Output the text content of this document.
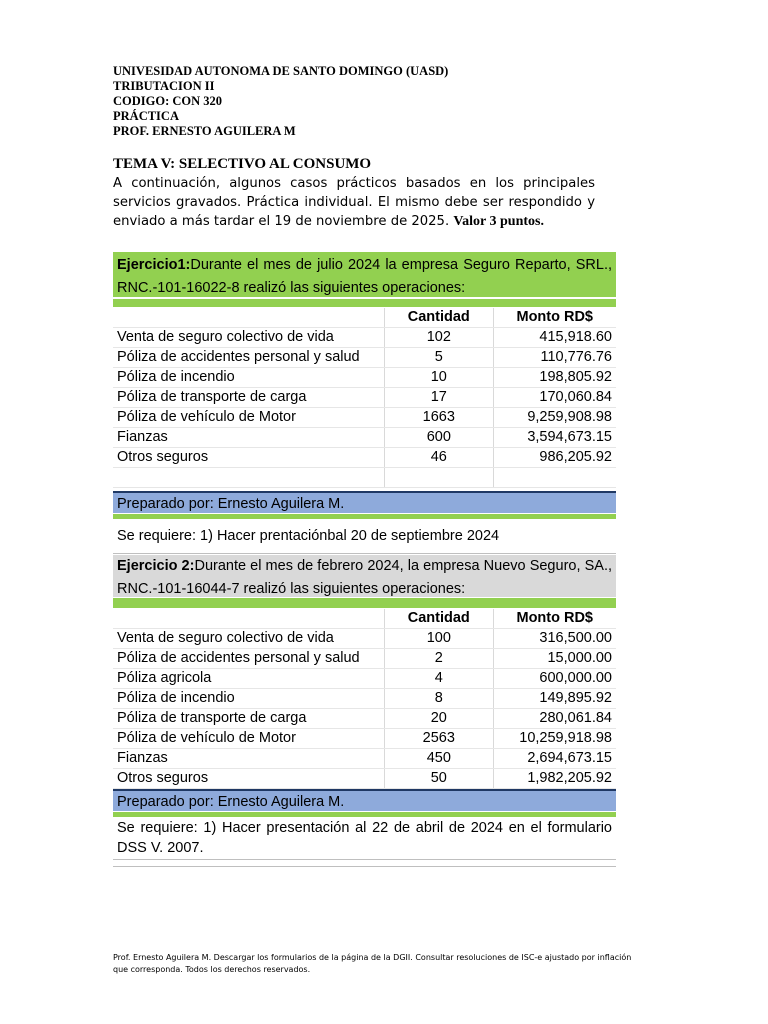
UNIVESIDAD AUTONOMA DE SANTO DOMINGO (UASD)
TRIBUTACION II
CODIGO: CON 320
PRÁCTICA
PROF. ERNESTO AGUILERA M
TEMA V: SELECTIVO AL CONSUMO
A continuación, algunos casos prácticos basados en los principales servicios gravados. Práctica individual. El mismo debe ser respondido y enviado a más tardar el 19 de noviembre de 2025. Valor 3 puntos.
Ejercicio1:Durante el mes de julio 2024 la empresa Seguro Reparto, SRL., RNC.-101-16022-8 realizó las siguientes operaciones:
	Cantidad	Monto RD$
Venta de seguro colectivo de vida	102	415,918.60
Póliza de accidentes personal y salud	5	110,776.76
Póliza de incendio	10	198,805.92
Póliza de transporte de carga	17	170,060.84
Póliza de vehículo de Motor	1663	9,259,908.98
Fianzas	600	3,594,673.15
Otros seguros	46	986,205.92

Preparado por: Ernesto Aguilera M.
Se requiere: 1) Hacer prentaciónbal 20 de septiembre 2024
Ejercicio 2:Durante el mes de febrero 2024, la empresa Nuevo Seguro, SA., RNC.-101-16044-7 realizó las siguientes operaciones:
	Cantidad	Monto RD$
Venta de seguro colectivo de vida	100	316,500.00
Póliza de accidentes personal y salud	2	15,000.00
Póliza agricola	4	600,000.00
Póliza de incendio	8	149,895.92
Póliza de transporte de carga	20	280,061.84
Póliza de vehículo de Motor	2563	10,259,918.98
Fianzas	450	2,694,673.15
Otros seguros	50	1,982,205.92

Preparado por: Ernesto Aguilera M.
Se requiere: 1) Hacer presentación al 22 de abril de 2024 en el formulario DSS V. 2007.
Prof. Ernesto Aguilera M. Descargar los formularios de la página de la DGII. Consultar resoluciones de ISC-e ajustado por inflación que corresponda. Todos los derechos reservados.
